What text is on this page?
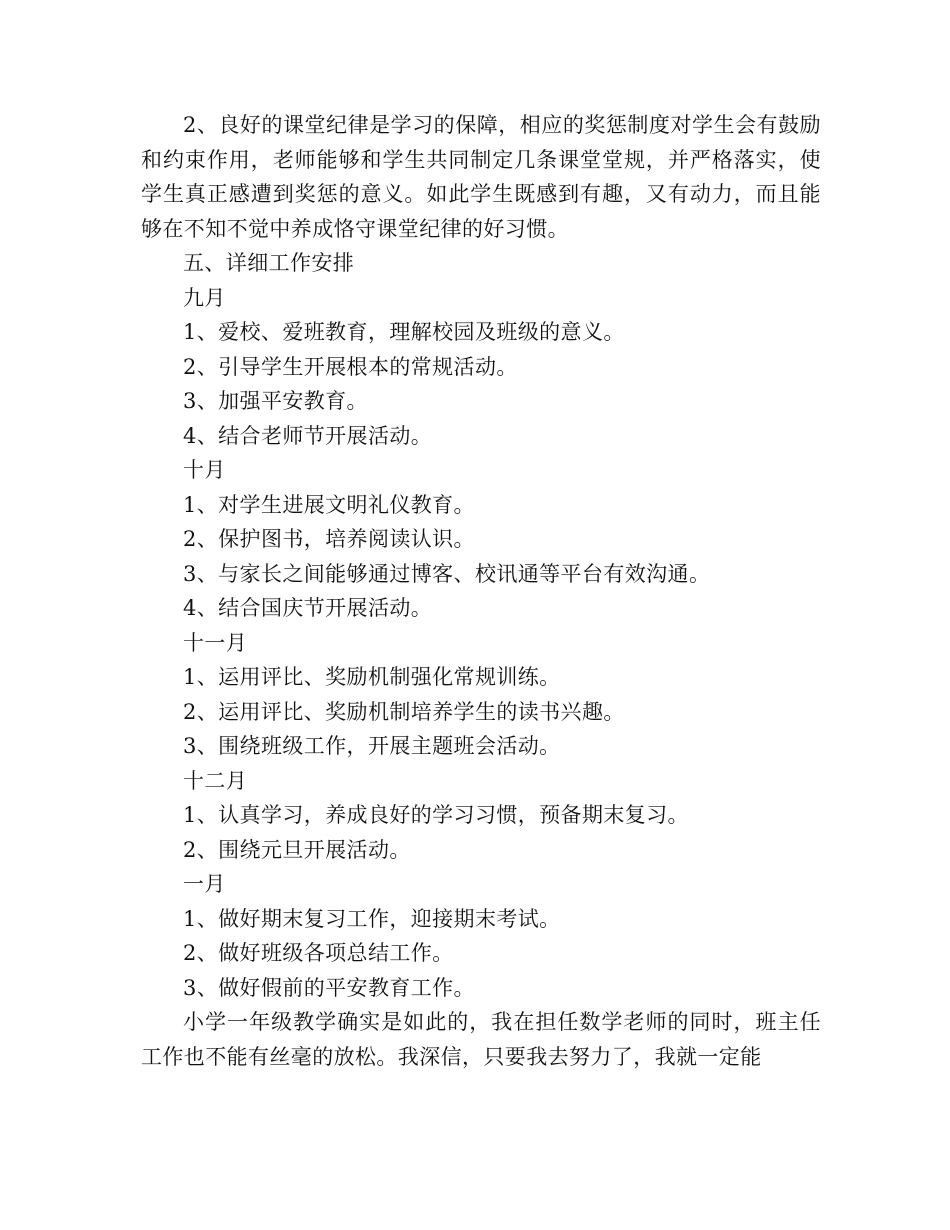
2、良好的课堂纪律是学习的保障，相应的奖惩制度对学生会有鼓励和约束作用，老师能够和学生共同制定几条课堂堂规，并严格落实，使学生真正感遭到奖惩的意义。如此学生既感到有趣，又有动力，而且能够在不知不觉中养成恪守课堂纪律的好习惯。

五、详细工作安排

九月

1、爱校、爱班教育，理解校园及班级的意义。

2、引导学生开展根本的常规活动。

3、加强平安教育。

4、结合老师节开展活动。

十月

1、对学生进展文明礼仪教育。

2、保护图书，培养阅读认识。

3、与家长之间能够通过博客、校讯通等平台有效沟通。

4、结合国庆节开展活动。

十一月

1、运用评比、奖励机制强化常规训练。

2、运用评比、奖励机制培养学生的读书兴趣。

3、围绕班级工作，开展主题班会活动。

十二月

1、认真学习，养成良好的学习习惯，预备期末复习。

2、围绕元旦开展活动。

一月

1、做好期末复习工作，迎接期末考试。

2、做好班级各项总结工作。

3、做好假前的平安教育工作。

小学一年级教学确实是如此的，我在担任数学老师的同时，班主任工作也不能有丝毫的放松。我深信，只要我去努力了，我就一定能
